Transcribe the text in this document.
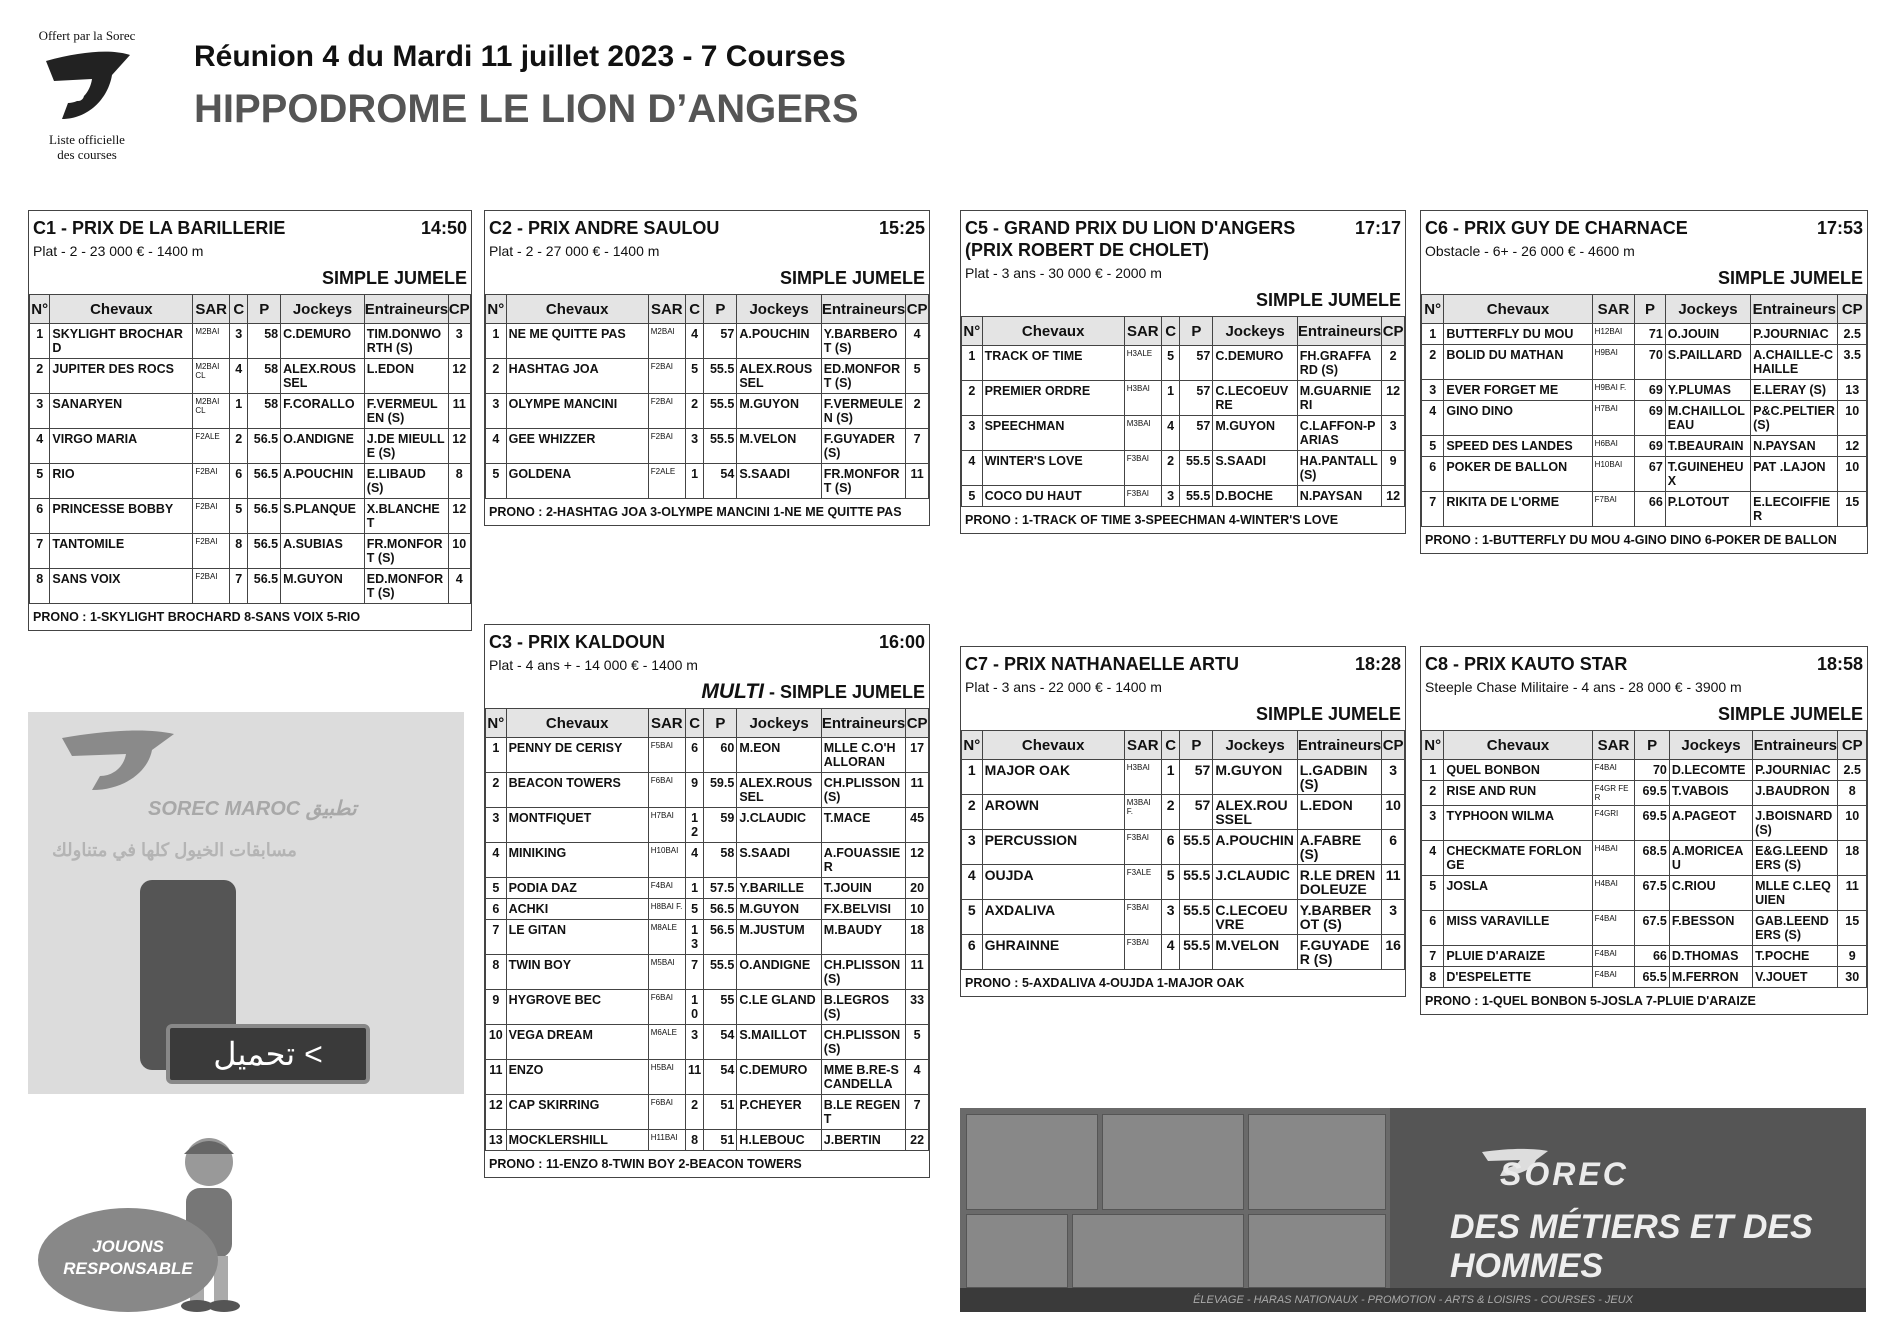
Offert par la Sorec
Liste officielle
des courses
Réunion 4 du Mardi 11 juillet 2023 - 7 Courses
HIPPODROME LE LION D’ANGERS
C1 - PRIX DE LA BARILLERIE	14:50
Plat - 2 - 23 000 € - 1400 m
SIMPLE JUMELE
N°	Chevaux	SAR	C	P	Jockeys	Entraineurs	CP
1	SKYLIGHT BROCHARD	M2BAI	3	58	C.DEMURO	TIM.DONWORTH (S)	3
2	JUPITER DES ROCS	M2BAI CL	4	58	ALEX.ROUSSEL	L.EDON	12
3	SANARYEN	M2BAI CL	1	58	F.CORALLO	F.VERMEULEN (S)	11
4	VIRGO MARIA	F2ALE	2	56.5	O.ANDIGNE	J.DE MIEULLE (S)	12
5	RIO	F2BAI	6	56.5	A.POUCHIN	E.LIBAUD (S)	8
6	PRINCESSE BOBBY	F2BAI	5	56.5	S.PLANQUE	X.BLANCHET	12
7	TANTOMILE	F2BAI	8	56.5	A.SUBIAS	FR.MONFORT (S)	10
8	SANS VOIX	F2BAI	7	56.5	M.GUYON	ED.MONFORT (S)	4
PRONO : 1-SKYLIGHT BROCHARD 8-SANS VOIX 5-RIO
C2 - PRIX ANDRE SAULOU	15:25
Plat - 2 - 27 000 € - 1400 m
SIMPLE JUMELE
N°	Chevaux	SAR	C	P	Jockeys	Entraineurs	CP
1	NE ME QUITTE PAS	M2BAI	4	57	A.POUCHIN	Y.BARBEROT (S)	4
2	HASHTAG JOA	F2BAI	5	55.5	ALEX.ROUSSEL	ED.MONFORT (S)	5
3	OLYMPE MANCINI	F2BAI	2	55.5	M.GUYON	F.VERMEULEN (S)	2
4	GEE WHIZZER	F2BAI	3	55.5	M.VELON	F.GUYADER (S)	7
5	GOLDENA	F2ALE	1	54	S.SAADI	FR.MONFORT (S)	11
PRONO : 2-HASHTAG JOA 3-OLYMPE MANCINI 1-NE ME QUITTE PAS
C3 - PRIX KALDOUN	16:00
Plat - 4 ans + - 14 000 € - 1400 m
MULTI - SIMPLE JUMELE
N°	Chevaux	SAR	C	P	Jockeys	Entraineurs	CP
1	PENNY DE CERISY	F5BAI	6	60	M.EON	MLLE C.O'HALLORAN	17
2	BEACON TOWERS	F6BAI	9	59.5	ALEX.ROUSSEL	CH.PLISSON (S)	11
3	MONTFIQUET	H7BAI	12	59	J.CLAUDIC	T.MACE	45
4	MINIKING	H10BAI	4	58	S.SAADI	A.FOUASSIER	12
5	PODIA DAZ	F4BAI	1	57.5	Y.BARILLE	T.JOUIN	20
6	ACHKI	H8BAI F.	5	56.5	M.GUYON	FX.BELVISI	10
7	LE GITAN	M8ALE	13	56.5	M.JUSTUM	M.BAUDY	18
8	TWIN BOY	M5BAI	7	55.5	O.ANDIGNE	CH.PLISSON (S)	11
9	HYGROVE BEC	F6BAI	10	55	C.LE GLAND	B.LEGROS (S)	33
10	VEGA DREAM	M6ALE	3	54	S.MAILLOT	CH.PLISSON (S)	5
11	ENZO	H5BAI	11	54	C.DEMURO	MME B.RE-SCANDELLA	4
12	CAP SKIRRING	F6BAI	2	51	P.CHEYER	B.LE REGENT	7
13	MOCKLERSHILL	H11BAI	8	51	H.LEBOUC	J.BERTIN	22
PRONO : 11-ENZO 8-TWIN BOY 2-BEACON TOWERS
C5 - GRAND PRIX DU LION D'ANGERS
(PRIX ROBERT DE CHOLET)
17:17
Plat - 3 ans - 30 000 € - 2000 m
SIMPLE JUMELE
N°	Chevaux	SAR	C	P	Jockeys	Entraineurs	CP
1	TRACK OF TIME	H3ALE	5	57	C.DEMURO	FH.GRAFFARD (S)	2
2	PREMIER ORDRE	H3BAI	1	57	C.LECOEUVRE	M.GUARNIERI	12
3	SPEECHMAN	M3BAI	4	57	M.GUYON	C.LAFFON-PARIAS	3
4	WINTER'S LOVE	F3BAI	2	55.5	S.SAADI	HA.PANTALL (S)	9
5	COCO DU HAUT	F3BAI	3	55.5	D.BOCHE	N.PAYSAN	12
PRONO : 1-TRACK OF TIME 3-SPEECHMAN 4-WINTER'S LOVE
C6 - PRIX GUY DE CHARNACE	17:53
Obstacle - 6+ - 26 000 € - 4600 m
SIMPLE JUMELE
N°	Chevaux	SAR	P	Jockeys	Entraineurs	CP
1	BUTTERFLY DU MOU	H12BAI	71	O.JOUIN	P.JOURNIAC	2.5
2	BOLID DU MATHAN	H9BAI	70	S.PAILLARD	A.CHAILLE-CHAILLE	3.5
3	EVER FORGET ME	H9BAI F.	69	Y.PLUMAS	E.LERAY (S)	13
4	GINO DINO	H7BAI	69	M.CHAILLOLEAU	P&C.PELTIER (S)	10
5	SPEED DES LANDES	H6BAI	69	T.BEAURAIN	N.PAYSAN	12
6	POKER DE BALLON	H10BAI	67	T.GUINEHEUX	PAT .LAJON	10
7	RIKITA DE L'ORME	F7BAI	66	P.LOTOUT	E.LECOIFFIER	15
PRONO : 1-BUTTERFLY DU MOU 4-GINO DINO 6-POKER DE BALLON
C7 - PRIX NATHANAELLE ARTU	18:28
Plat - 3 ans - 22 000 € - 1400 m
SIMPLE JUMELE
N°	Chevaux	SAR	C	P	Jockeys	Entraineurs	CP
1	MAJOR OAK	H3BAI	1	57	M.GUYON	L.GADBIN (S)	3
2	AROWN	M3BAI F.	2	57	ALEX.ROUSSEL	L.EDON	10
3	PERCUSSION	F3BAI	6	55.5	A.POUCHIN	A.FABRE (S)	6
4	OUJDA	F3ALE	5	55.5	J.CLAUDIC	R.LE DREN DOLEUZE	11
5	AXDALIVA	F3BAI	3	55.5	C.LECOEUVRE	Y.BARBEROT (S)	3
6	GHRAINNE	F3BAI	4	55.5	M.VELON	F.GUYADER (S)	16
PRONO : 5-AXDALIVA 4-OUJDA 1-MAJOR OAK
C8 - PRIX KAUTO STAR	18:58
Steeple Chase Militaire - 4 ans - 28 000 € - 3900 m
SIMPLE JUMELE
N°	Chevaux	SAR	P	Jockeys	Entraineurs	CP
1	QUEL BONBON	F4BAI	70	D.LECOMTE	P.JOURNIAC	2.5
2	RISE AND RUN	F4GR FER	69.5	T.VABOIS	J.BAUDRON	8
3	TYPHOON WILMA	F4GRI	69.5	A.PAGEOT	J.BOISNARD (S)	10
4	CHECKMATE FORLONGE	H4BAI	68.5	A.MORICEAU	E&G.LEENDERS (S)	18
5	JOSLA	H4BAI	67.5	C.RIOU	MLLE C.LEQUIEN	11
6	MISS VARAVILLE	F4BAI	67.5	F.BESSON	GAB.LEENDERS (S)	15
7	PLUIE D'ARAIZE	F4BAI	66	D.THOMAS	T.POCHE	9
8	D'ESPELETTE	F4BAI	65.5	M.FERRON	V.JOUET	30
PRONO : 1-QUEL BONBON 5-JOSLA 7-PLUIE D'ARAIZE
SOREC MAROC تطبيق
مسابقات الخيول كلها في متناولك
تحميل <
JOUONS RESPONSABLE
SOREC
DES MÉTIERS ET DES HOMMES
ÉLEVAGE - HARAS NATIONAUX - PROMOTION - ARTS & LOISIRS - COURSES - JEUX
